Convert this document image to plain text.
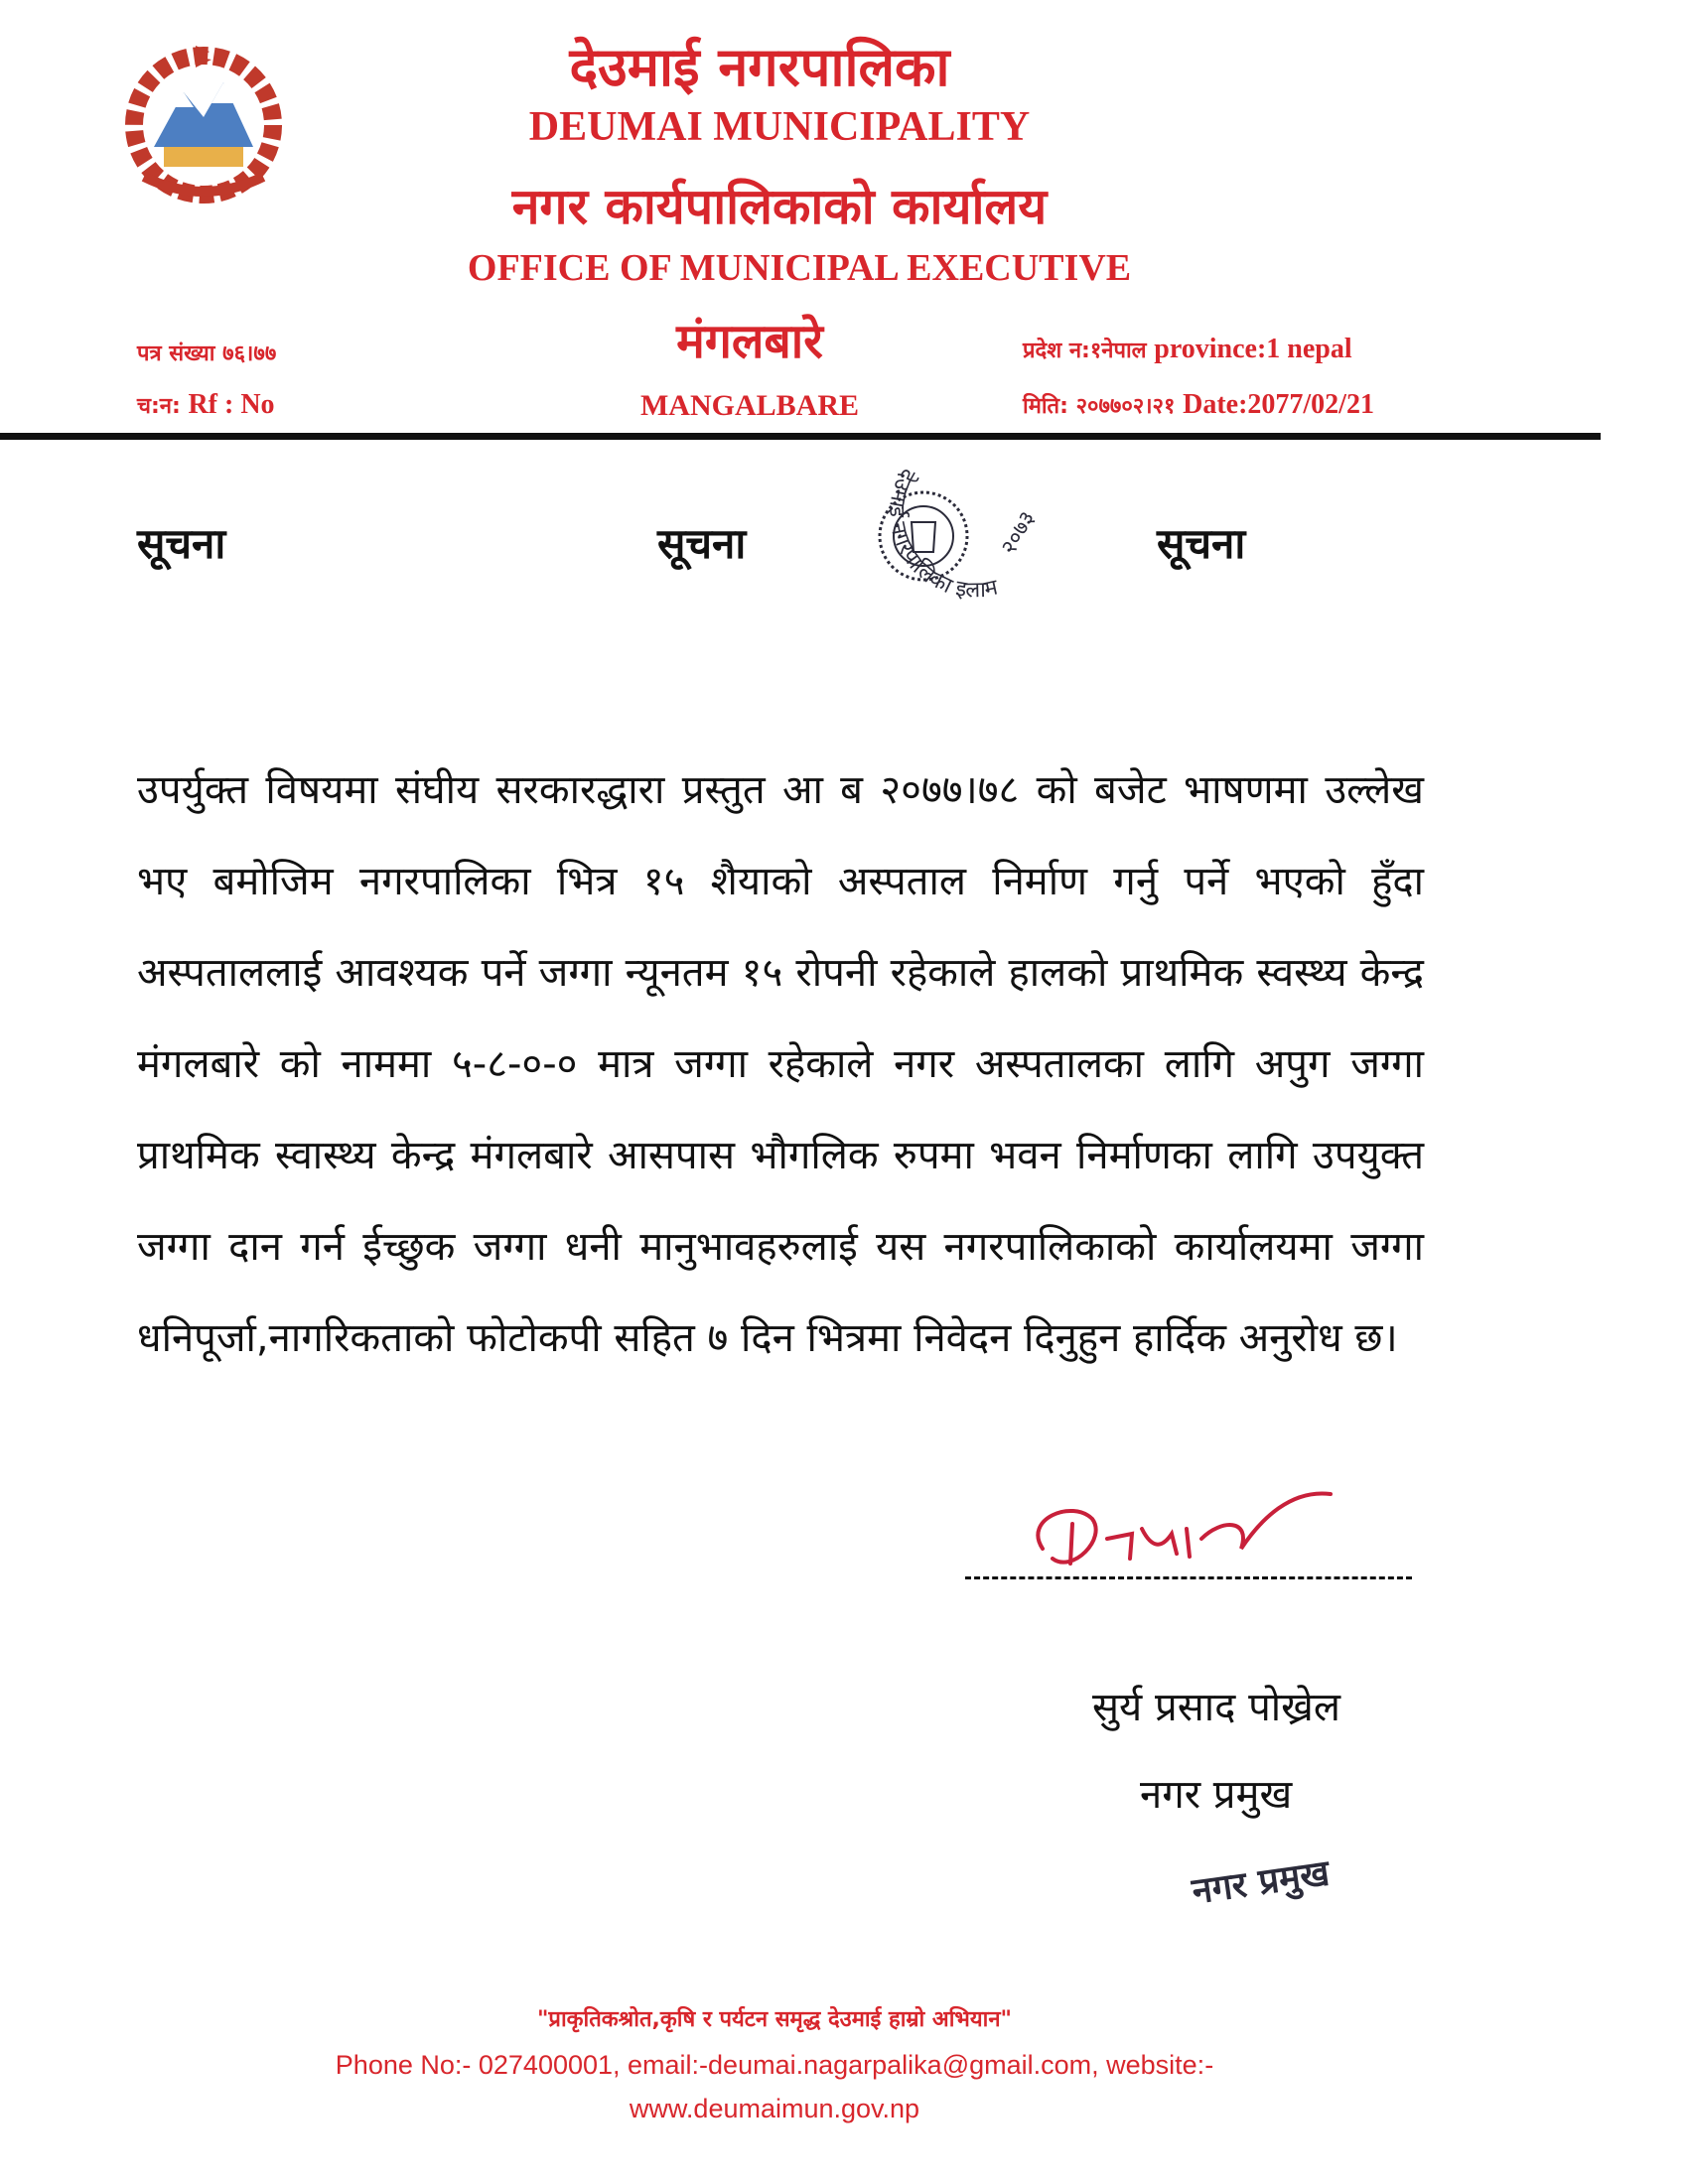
देउमाई नगरपालिका
DEUMAI MUNICIPALITY
नगर कार्यपालिकाको कार्यालय
OFFICE OF MUNICIPAL EXECUTIVE
मंगलबारे
MANGALBARE
पत्र संख्या ७६।७७
च:न: Rf : No
प्रदेश न:१नेपाल province:1 nepal
मिति: २०७७०२।२१ Date:2077/02/21
सूचना	सूचना	सूचना
देउमाई नगरपालिका इलाम
२०७३
उपर्युक्त विषयमा संघीय सरकारद्धारा प्रस्तुत आ ब २०७७।७८ को बजेट भाषणमा उल्लेख भए बमोजिम नगरपालिका भित्र १५ शैयाको अस्पताल निर्माण गर्नु पर्ने भएको हुँदा अस्पताललाई आवश्यक पर्ने जग्गा न्यूनतम १५ रोपनी रहेकाले हालको प्राथमिक स्वस्थ्य केन्द्र मंगलबारे को नाममा ५-८-०-० मात्र जग्गा रहेकाले नगर अस्पतालका लागि अपुग जग्गा प्राथमिक स्वास्थ्य केन्द्र मंगलबारे आसपास भौगलिक रुपमा भवन निर्माणका लागि उपयुक्त जग्गा दान गर्न ईच्छुक जग्गा धनी मानुभावहरुलाई यस नगरपालिकाको कार्यालयमा जग्गा धनिपूर्जा,नागरिकताको फोटोकपी सहित ७ दिन भित्रमा निवेदन दिनुहुन हार्दिक अनुरोध छ।
सुर्य प्रसाद पोख्रेल
नगर प्रमुख
नगर प्रमुख
"प्राकृतिकश्रोत,कृषि र पर्यटन समृद्ध देउमाई हाम्रो अभियान"
Phone No:- 027400001, email:-deumai.nagarpalika@gmail.com, website:-
www.deumaimun.gov.np
